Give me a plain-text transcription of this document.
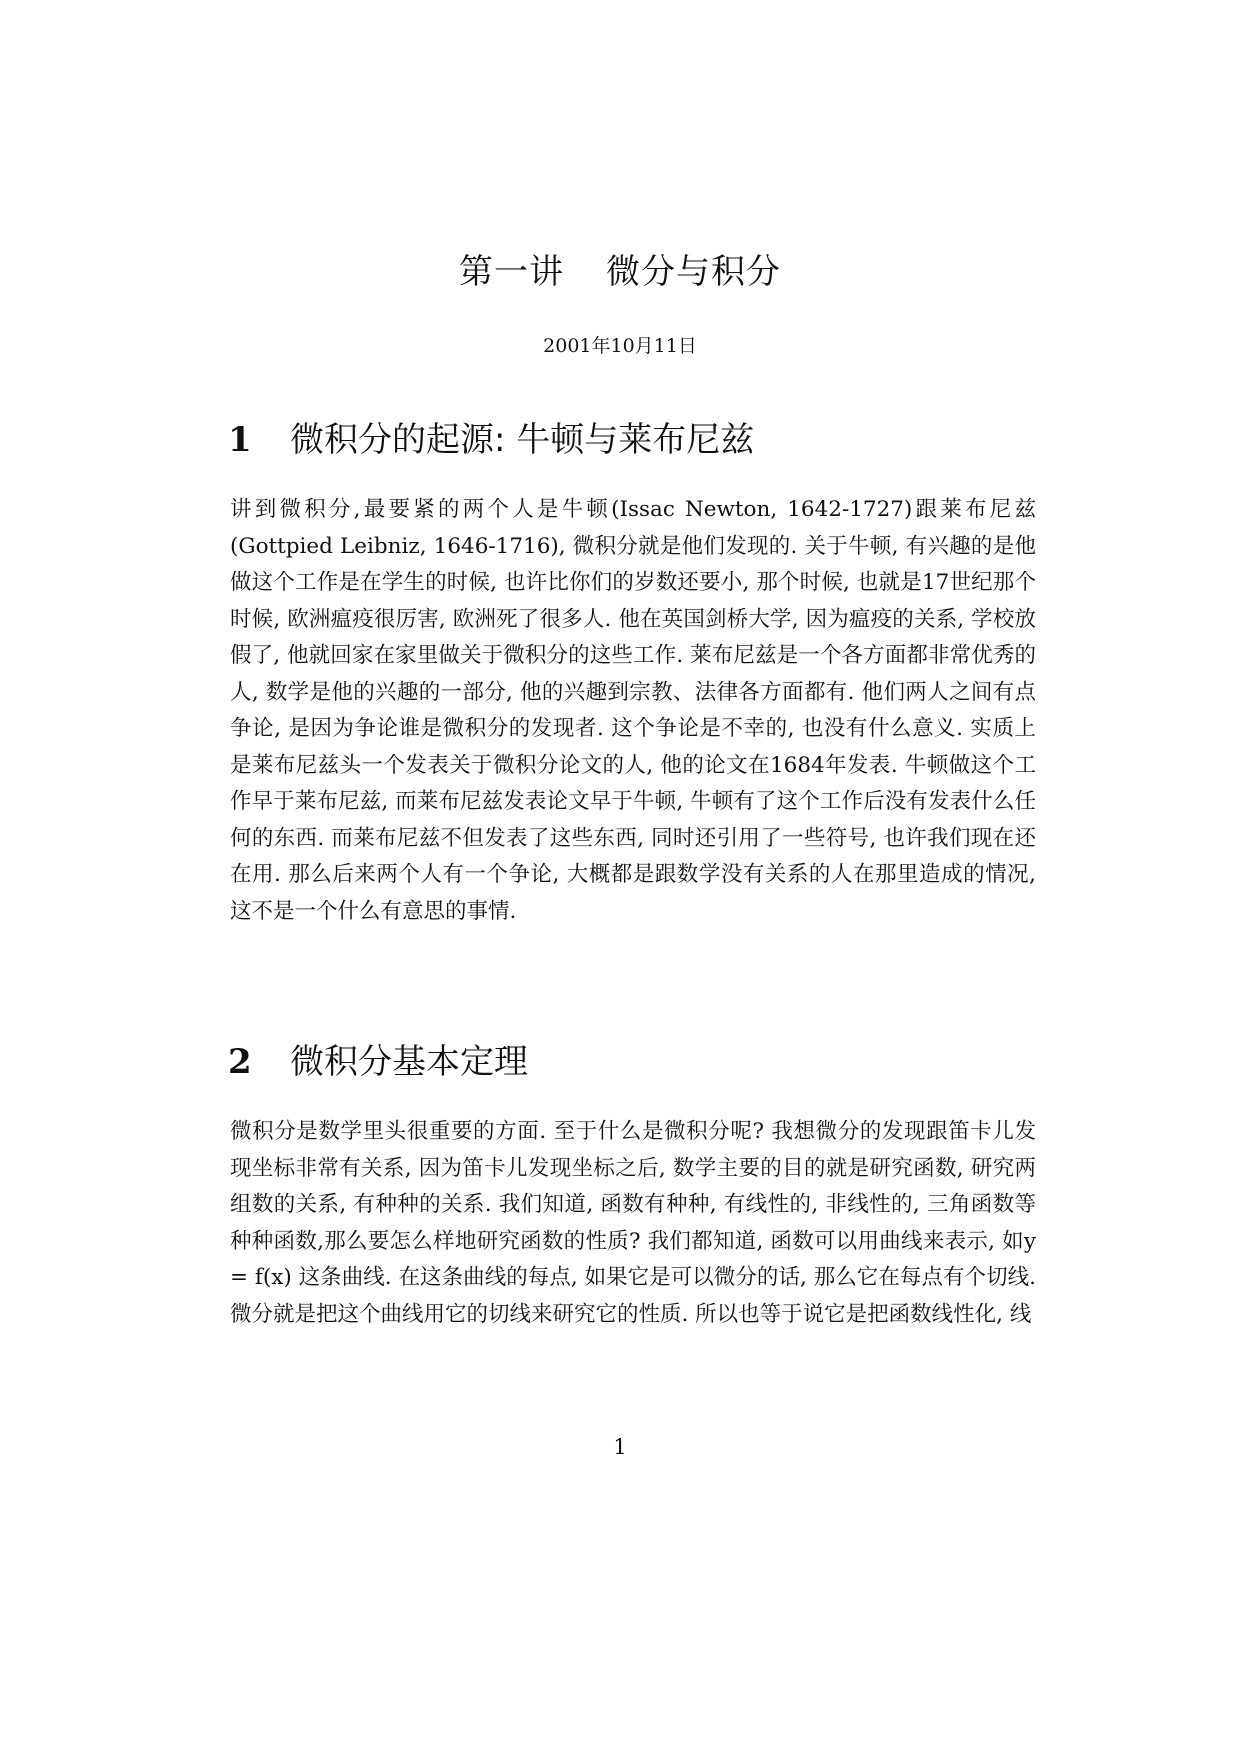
第一讲 微分与积分

2001年10月11日

1 微积分的起源: 牛顿与莱布尼兹

讲到微积分,最要紧的两个人是牛顿(Issac Newton, 1642-1727)跟莱布尼兹(Gottpied Leibniz, 1646-1716), 微积分就是他们发现的. 关于牛顿, 有兴趣的是他做这个工作是在学生的时候, 也许比你们的岁数还要小, 那个时候, 也就是17世纪那个时候, 欧洲瘟疫很厉害, 欧洲死了很多人. 他在英国剑桥大学, 因为瘟疫的关系, 学校放假了, 他就回家在家里做关于微积分的这些工作. 莱布尼兹是一个各方面都非常优秀的人, 数学是他的兴趣的一部分, 他的兴趣到宗教、法律各方面都有. 他们两人之间有点争论, 是因为争论谁是微积分的发现者. 这个争论是不幸的, 也没有什么意义. 实质上是莱布尼兹头一个发表关于微积分论文的人, 他的论文在1684年发表. 牛顿做这个工作早于莱布尼兹, 而莱布尼兹发表论文早于牛顿, 牛顿有了这个工作后没有发表什么任何的东西. 而莱布尼兹不但发表了这些东西, 同时还引用了一些符号, 也许我们现在还在用. 那么后来两个人有一个争论, 大概都是跟数学没有关系的人在那里造成的情况, 这不是一个什么有意思的事情.

2 微积分基本定理

微积分是数学里头很重要的方面. 至于什么是微积分呢? 我想微分的发现跟笛卡儿发现坐标非常有关系, 因为笛卡儿发现坐标之后, 数学主要的目的就是研究函数, 研究两组数的关系, 有种种的关系. 我们知道, 函数有种种, 有线性的, 非线性的, 三角函数等种种函数,那么要怎么样地研究函数的性质? 我们都知道, 函数可以用曲线来表示, 如y = f(x) 这条曲线. 在这条曲线的每点, 如果它是可以微分的话, 那么它在每点有个切线. 微分就是把这个曲线用它的切线来研究它的性质. 所以也等于说它是把函数线性化, 线

1
